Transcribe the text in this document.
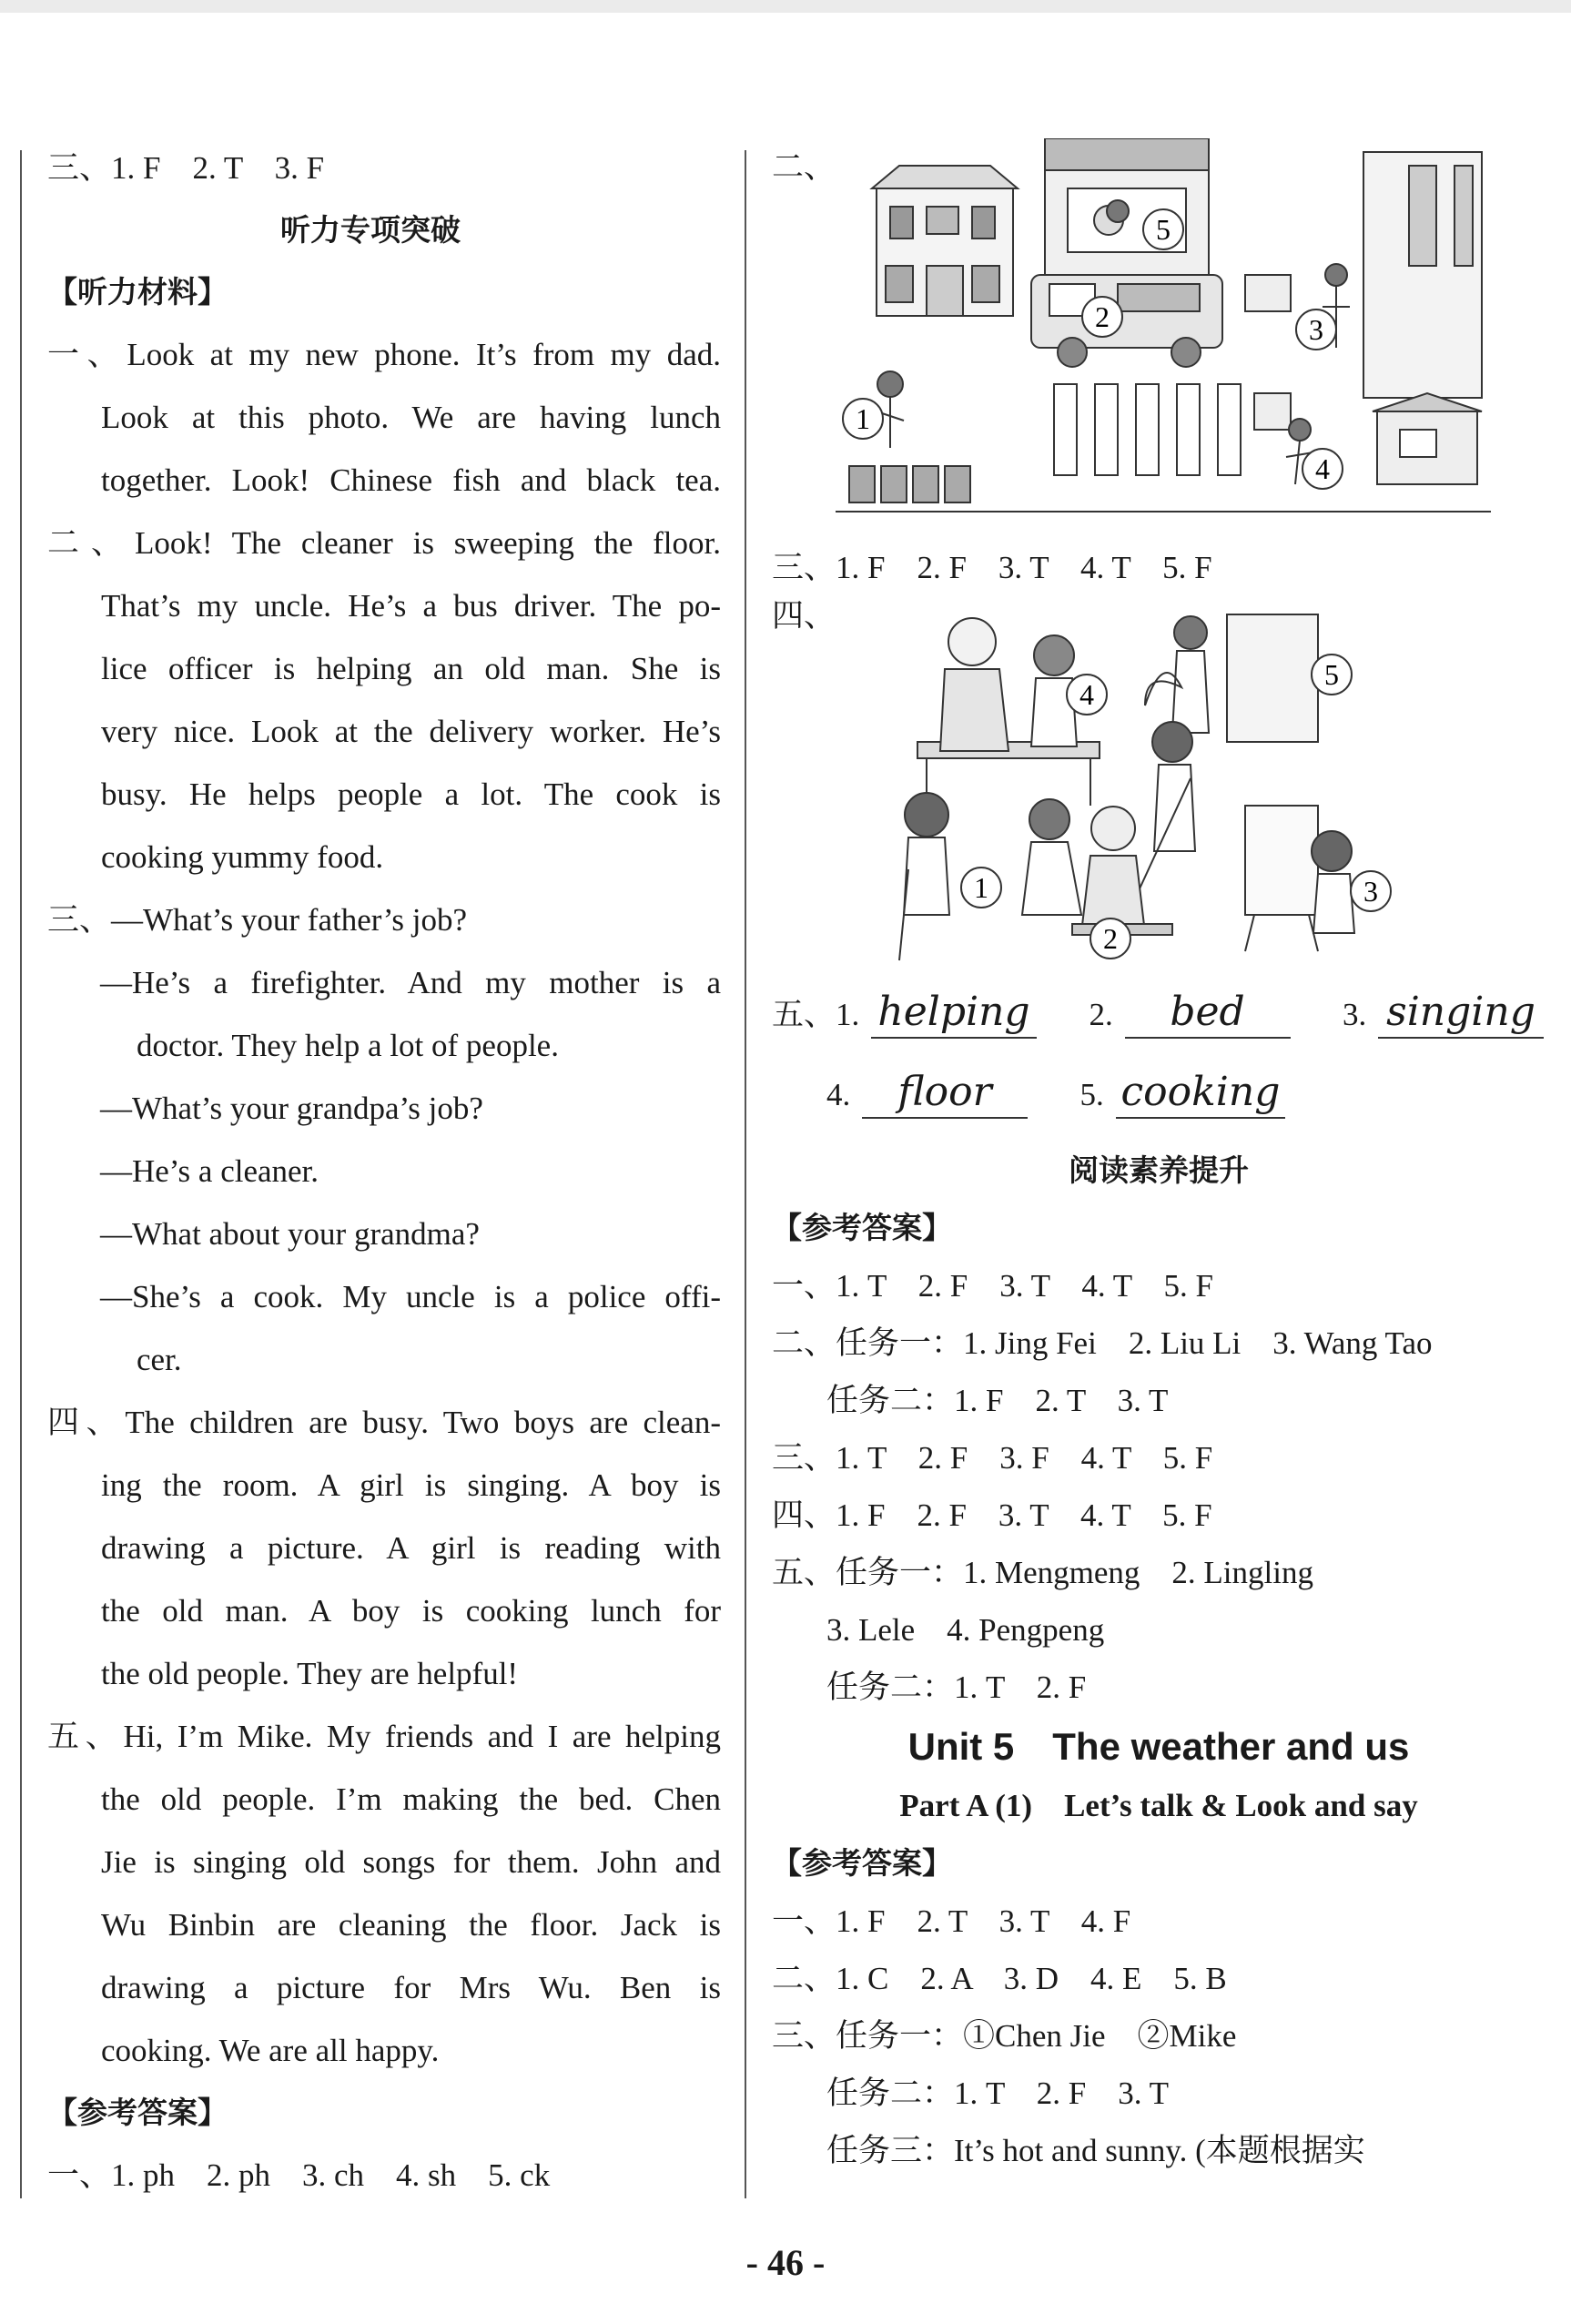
三、1. F　2. T　3. F
听力专项突破
【听力材料】
一、Look at my new phone. It’s from my dad.
Look at this photo. We are having lunch
together. Look! Chinese fish and black tea.
二、Look! The cleaner is sweeping the floor.
That’s my uncle. He’s a bus driver. The po-
lice officer is helping an old man. She is
very nice. Look at the delivery worker. He’s
busy. He helps people a lot. The cook is
cooking yummy food.
三、—What’s your father’s job?
—He’s a firefighter. And my mother is a
doctor. They help a lot of people.
—What’s your grandpa’s job?
—He’s a cleaner.
—What about your grandma?
—She’s a cook. My uncle is a police offi-
cer.
四、The children are busy. Two boys are clean-
ing the room. A girl is singing. A boy is
drawing a picture. A girl is reading with
the old man. A boy is cooking lunch for
the old people. They are helpful!
五、Hi, I’m Mike. My friends and I are helping
the old people. I’m making the bed. Chen
Jie is singing old songs for them. John and
Wu Binbin are cleaning the floor. Jack is
drawing a picture for Mrs Wu. Ben is
cooking. We are all happy.
【参考答案】
一、1. ph　2. ph　3. ch　4. sh　5. ck
二、
1
2	3
4
5
三、1. F　2. F　3. T　4. T　5. F
四、
1
2
3
4
5
五、1. helping 2. bed	3. singing
4. floor	5. cooking
阅读素养提升
【参考答案】
一、1. T　2. F　3. T　4. T　5. F
二、任务一：1. Jing Fei　2. Liu Li　3. Wang Tao
任务二：1. F　2. T　3. T
三、1. T　2. F　3. F　4. T　5. F
四、1. F　2. F　3. T　4. T　5. F
五、任务一：1. Mengmeng　2. Lingling
3. Lele　4. Pengpeng
任务二：1. T　2. F
Unit 5　The weather and us
Part A (1)　Let’s talk & Look and say
【参考答案】
一、1. F　2. T　3. T　4. F
二、1. C　2. A　3. D　4. E　5. B
三、任务一：①Chen Jie　②Mike
任务二：1. T　2. F　3. T
任务三：It’s hot and sunny. (本题根据实
- 46 -
